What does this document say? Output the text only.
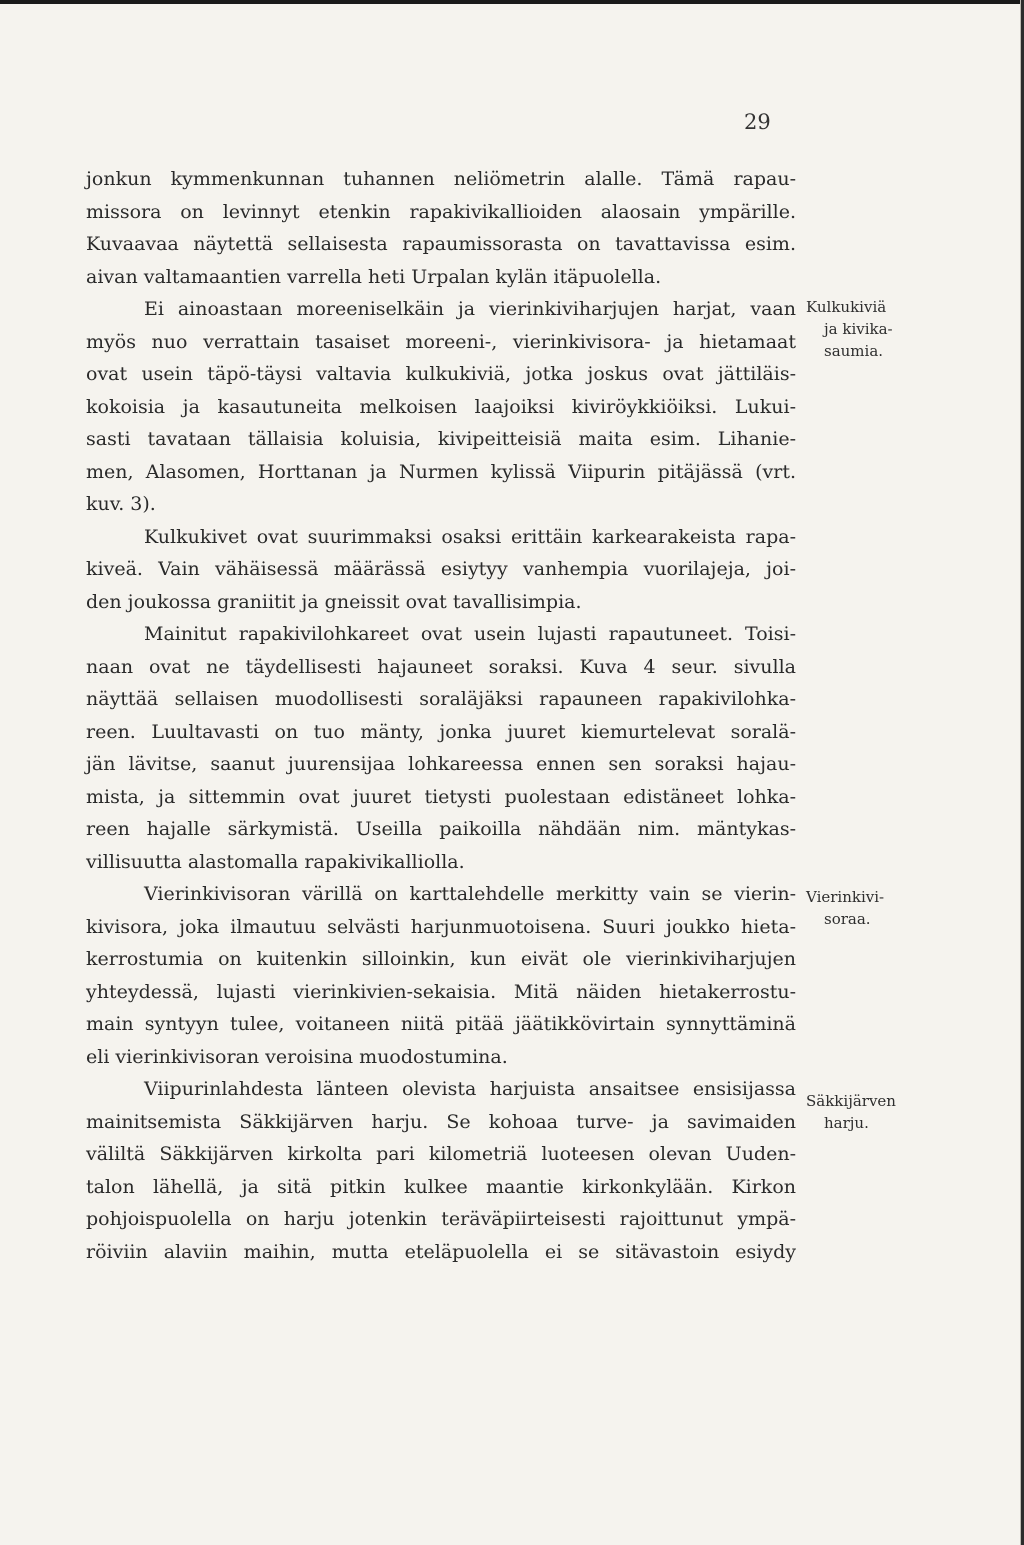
29
jonkun kymmenkunnan tuhannen neliömetrin alalle. Tämä rapau-
missora on levinnyt etenkin rapakivikallioiden alaosain ympärille.
Kuvaavaa näytettä sellaisesta rapaumissorasta on tavattavissa esim.
aivan valtamaantien varrella heti Urpalan kylän itäpuolella.
Ei ainoastaan moreeniselkäin ja vierinkiviharjujen harjat, vaan
myös nuo verrattain tasaiset moreeni-, vierinkivisora- ja hietamaat
ovat usein täpö-täysi valtavia kulkukiviä, jotka joskus ovat jättiläis-
kokoisia ja kasautuneita melkoisen laajoiksi kiviröykkiöiksi. Lukui-
sasti tavataan tällaisia koluisia, kivipeitteisiä maita esim. Lihanie-
men, Alasomen, Horttanan ja Nurmen kylissä Viipurin pitäjässä (vrt.
kuv. 3).
Kulkukivet ovat suurimmaksi osaksi erittäin karkearakeista rapa-
kiveä. Vain vähäisessä määrässä esiytyy vanhempia vuorilajeja, joi-
den joukossa graniitit ja gneissit ovat tavallisimpia.
Mainitut rapakivilohkareet ovat usein lujasti rapautuneet. Toisi-
naan ovat ne täydellisesti hajauneet soraksi. Kuva 4 seur. sivulla
näyttää sellaisen muodollisesti soraläjäksi rapauneen rapakivilohka-
reen. Luultavasti on tuo mänty, jonka juuret kiemurtelevat soralä-
jän lävitse, saanut juurensijaa lohkareessa ennen sen soraksi hajau-
mista, ja sittemmin ovat juuret tietysti puolestaan edistäneet lohka-
reen hajalle särkymistä. Useilla paikoilla nähdään nim. mäntykas-
villisuutta alastomalla rapakivikalliolla.
Vierinkivisoran värillä on karttalehdelle merkitty vain se vierin-
kivisora, joka ilmautuu selvästi harjunmuotoisena. Suuri joukko hieta-
kerrostumia on kuitenkin silloinkin, kun eivät ole vierinkiviharjujen
yhteydessä, lujasti vierinkivien-sekaisia. Mitä näiden hietakerrostu-
main syntyyn tulee, voitaneen niitä pitää jäätikkövirtain synnyttäminä
eli vierinkivisoran veroisina muodostumina.
Viipurinlahdesta länteen olevista harjuista ansaitsee ensisijassa
mainitsemista Säkkijärven harju. Se kohoaa turve- ja savimaiden
väliltä Säkkijärven kirkolta pari kilometriä luoteesen olevan Uuden-
talon lähellä, ja sitä pitkin kulkee maantie kirkonkylään. Kirkon
pohjoispuolella on harju jotenkin teräväpiirteisesti rajoittunut ympä-
röiviin alaviin maihin, mutta eteläpuolella ei se sitävastoin esiydy
Kulkukiviä
ja kivika-
saumia.
Vierinkivi-
soraa.
Säkkijärven
harju.
